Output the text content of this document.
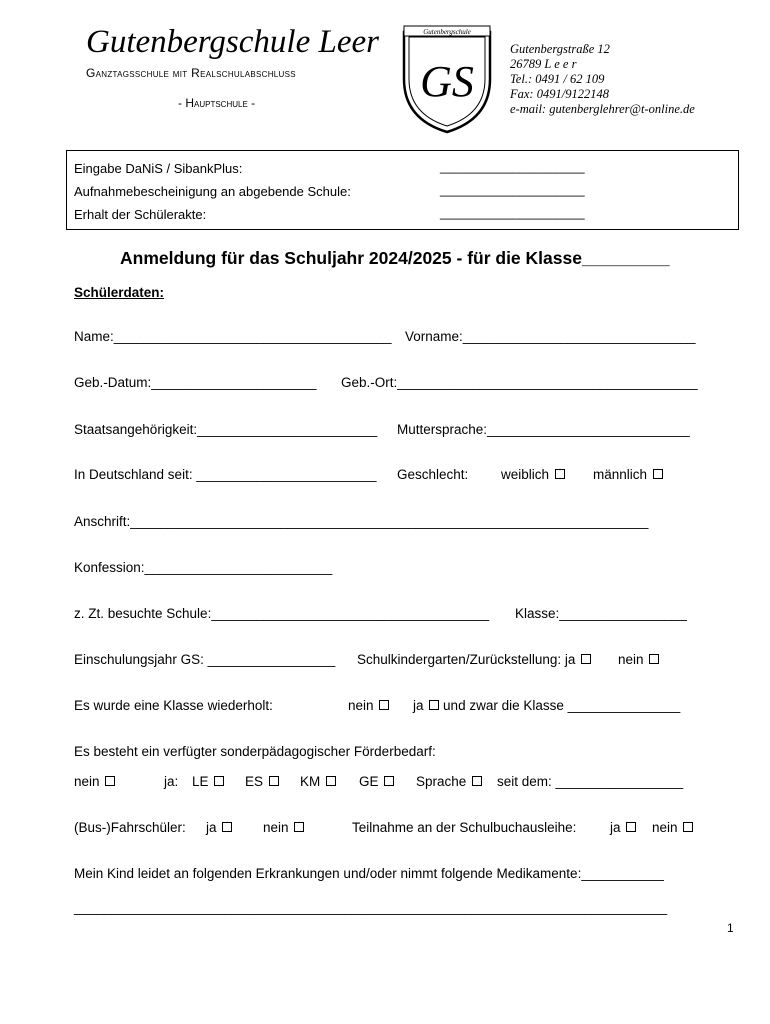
Gutenbergschule Leer
Ganztagsschule mit Realschulabschluss
- Hauptschule -
Gutenbergschule
GS
Gutenbergstraße 12
26789 L e e r
Tel.: 0491 / 62 109
Fax: 0491/9122148
e-mail: gutenberglehrer@t-online.de
Eingabe DaNiS / SibankPlus:	____________________
Aufnahmebescheinigung an abgebende Schule:	____________________
Erhalt der Schülerakte:	____________________
Anmeldung für das Schuljahr 2024/2025 - für die Klasse_________
Schülerdaten:
Name:_____________________________________ Vorname:_______________________________
Geb.-Datum:______________________ Geb.-Ort:________________________________________
Staatsangehörigkeit:________________________ Muttersprache:___________________________
In Deutschland seit: ________________________ Geschlecht: weiblich	männlich
Anschrift:_____________________________________________________________________
Konfession:_________________________
z. Zt. besuchte Schule:_____________________________________ Klasse:_________________
Einschulungsjahr GS: _________________ Schulkindergarten/Zurückstellung: ja	nein
Es wurde eine Klasse wiederholt:	nein	ja und zwar die Klasse _______________
Es besteht ein verfügter sonderpädagogischer Förderbedarf:
nein	ja: LE	ES	KM	GE	Sprache	seit dem: _________________
(Bus-)Fahrschüler: ja	nein	Teilnahme an der Schulbuchausleihe: ja	nein
Mein Kind leidet an folgenden Erkrankungen und/oder nimmt folgende Medikamente:___________
_______________________________________________________________________________
1
